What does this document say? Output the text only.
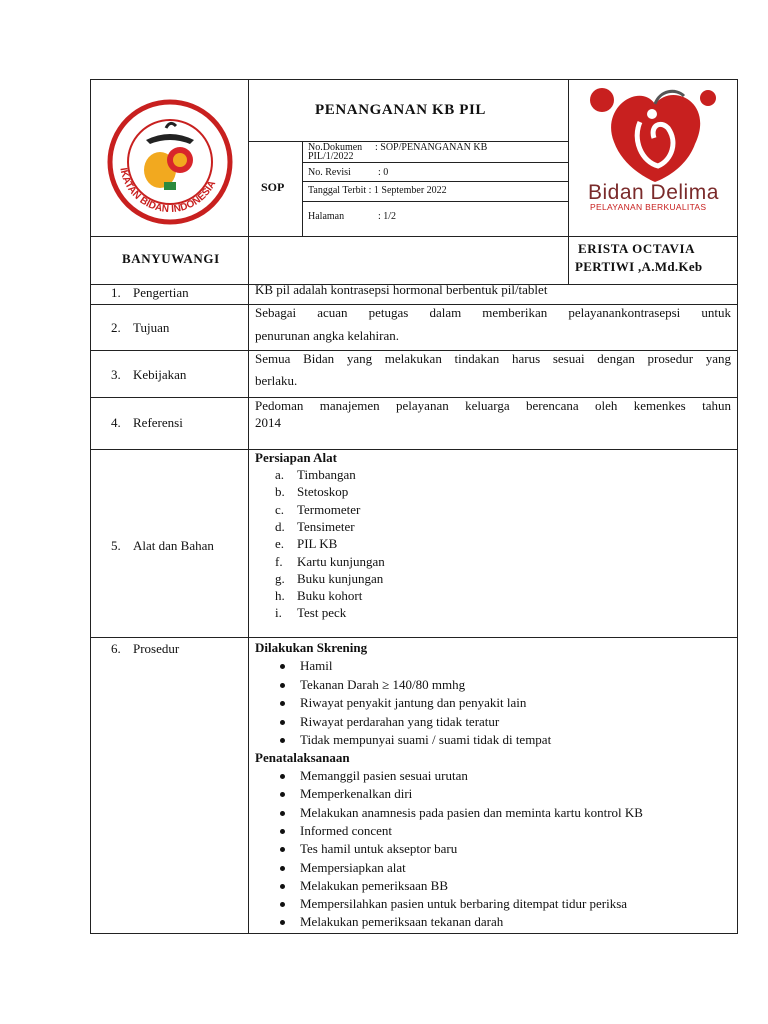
IKATAN BIDAN INDONESIA	Bidan Delima
PELAYANAN BERKUALITAS
PENANGANAN KB PIL
SOP
No.Dokumen : SOP/PENANGANAN KB
PIL/1/2022
No. Revisi	: 0
Tanggal Terbit : 1 September 2022
Halaman	: 1/2
BANYUWANGI
ERISTA OCTAVIA
PERTIWI ,A.Md.Keb
1. Pengertian	KB pil adalah kontrasepsi hormonal berbentuk pil/tablet
2. Tujuan
Sebagai acuan petugas dalam memberikan pelayanankontrasepsi untuk
penurunan angka kelahiran.
3. Kebijakan
Semua Bidan yang melakukan tindakan harus sesuai dengan prosedur yang
berlaku.
4. Referensi
Pedoman manajemen pelayanan keluarga berencana oleh kemenkes tahun
2014
5. Alat dan Bahan
Persiapan Alat
a. Timbangan
b. Stetoskop
c. Termometer
d. Tensimeter
e. PIL KB
f. Kartu kunjungan
g. Buku kunjungan
h. Buku kohort
i. Test peck
6. Prosedur	Dilakukan Skrening
Hamil
Tekanan Darah ≥ 140/80 mmhg
Riwayat penyakit jantung dan penyakit lain
Riwayat perdarahan yang tidak teratur
Tidak mempunyai suami / suami tidak di tempat
Penatalaksanaan
Memanggil pasien sesuai urutan
Memperkenalkan diri
Melakukan anamnesis pada pasien dan meminta kartu kontrol KB
Informed concent
Tes hamil untuk akseptor baru
Mempersiapkan alat
Melakukan pemeriksaan BB
Mempersilahkan pasien untuk berbaring ditempat tidur periksa
Melakukan pemeriksaan tekanan darah
